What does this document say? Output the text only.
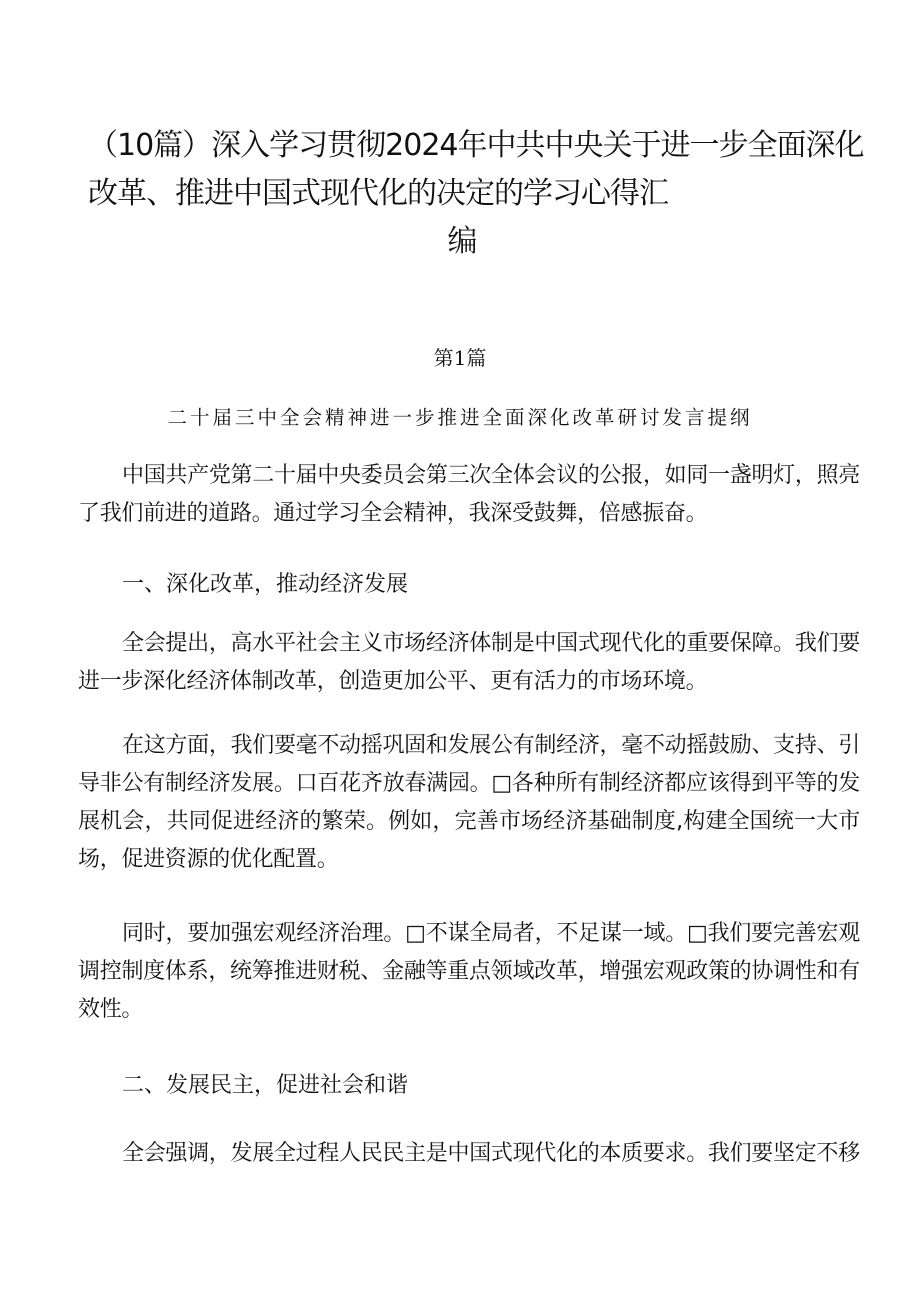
（10篇）深入学习贯彻2024年中共中央关于进一步全面深化
改革、推进中国式现代化的决定的学习心得汇
编
第1篇
二十届三中全会精神进一步推进全面深化改革研讨发言提纲

中国共产党第二十届中央委员会第三次全体会议的公报，如同一盏明灯，照亮了我们前进的道路。通过学习全会精神，我深受鼓舞，倍感振奋。

一、深化改革，推动经济发展

全会提出，高水平社会主义市场经济体制是中国式现代化的重要保障。我们要进一步深化经济体制改革，创造更加公平、更有活力的市场环境。

在这方面，我们要毫不动摇巩固和发展公有制经济，毫不动摇鼓励、支持、引导非公有制经济发展。口百花齐放春满园。□各种所有制经济都应该得到平等的发展机会，共同促进经济的繁荣。例如，完善市场经济基础制度,构建全国统一大市场，促进资源的优化配置。

同时，要加强宏观经济治理。□不谋全局者，不足谋一域。□我们要完善宏观调控制度体系，统筹推进财税、金融等重点领域改革，增强宏观政策的协调性和有效性。

二、发展民主，促进社会和谐

全会强调，发展全过程人民民主是中国式现代化的本质要求。我们要坚定不移
